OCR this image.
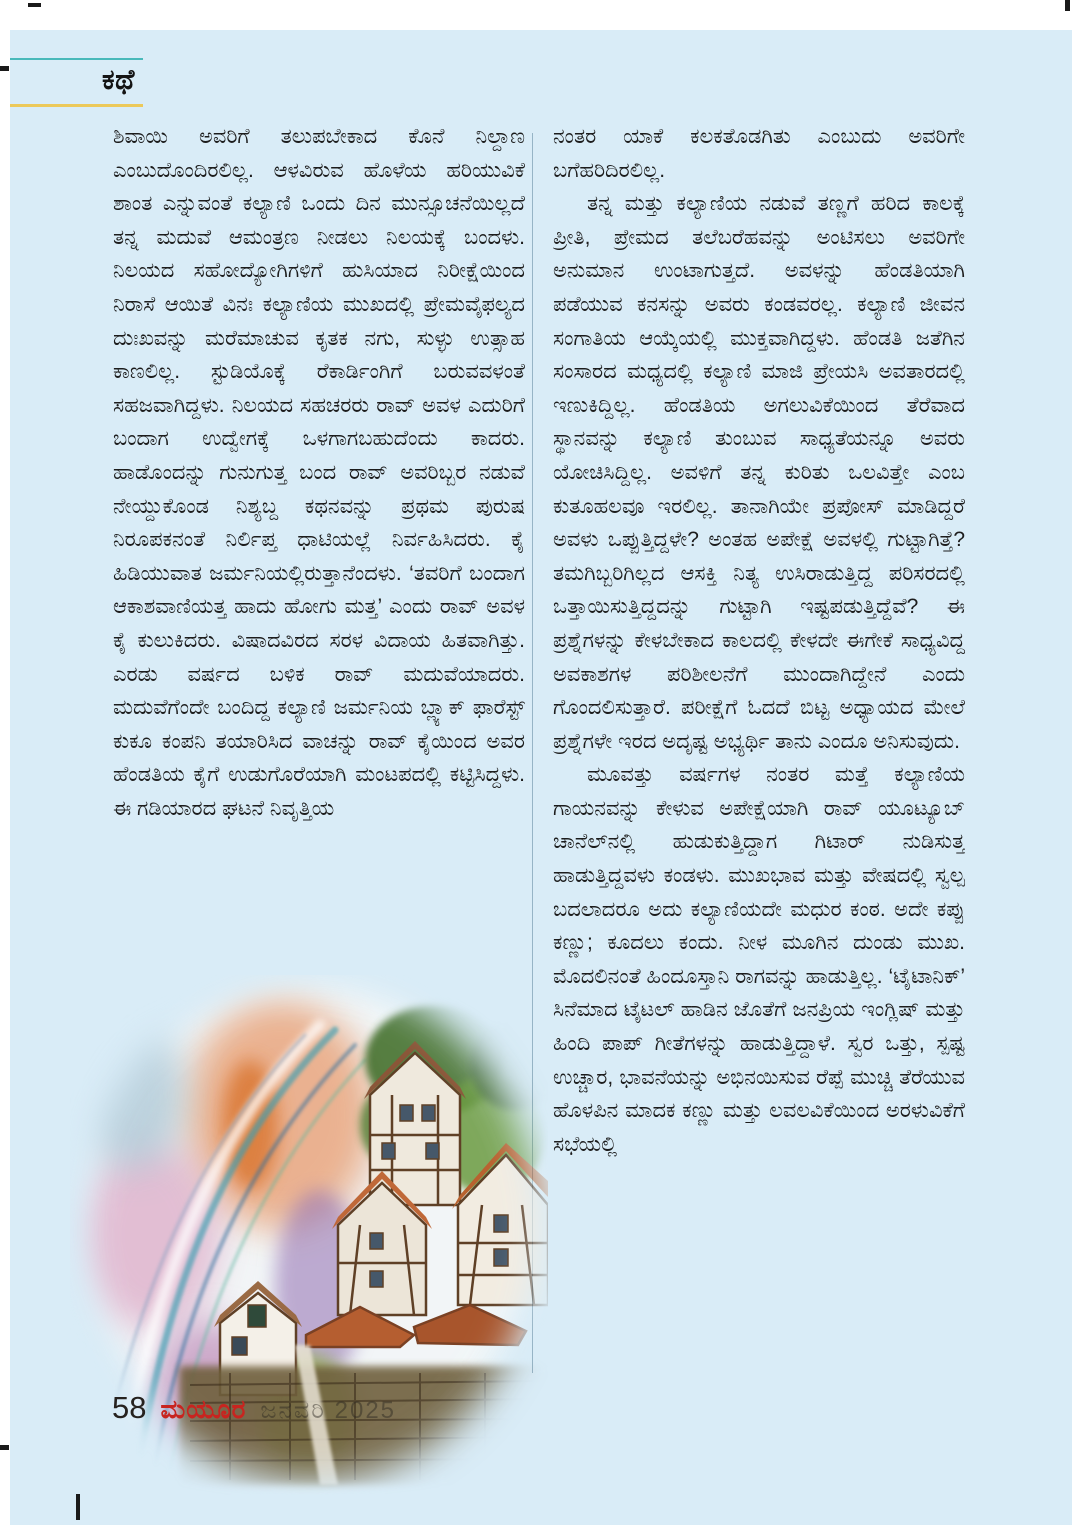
ಕಥೆ

ಶಿವಾಯಿ ಅವರಿಗೆ ತಲುಪಬೇಕಾದ ಕೊನೆ ನಿಲ್ದಾಣ ಎಂಬುದೊಂದಿರಲಿಲ್ಲ. ಆಳವಿರುವ ಹೊಳೆಯ ಹರಿಯುವಿಕೆ ಶಾಂತ ಎನ್ನುವಂತೆ ಕಲ್ಯಾಣಿ ಒಂದು ದಿನ ಮುನ್ಸೂಚನೆಯಿಲ್ಲದೆ ತನ್ನ ಮದುವೆ ಆಮಂತ್ರಣ ನೀಡಲು ನಿಲಯಕ್ಕೆ ಬಂದಳು. ನಿಲಯದ ಸಹೋದ್ಯೋಗಿಗಳಿಗೆ ಹುಸಿಯಾದ ನಿರೀಕ್ಷೆಯಿಂದ ನಿರಾಸೆ ಆಯಿತೆ ವಿನಃ ಕಲ್ಯಾಣಿಯ ಮುಖದಲ್ಲಿ ಪ್ರೇಮವೈಫಲ್ಯದ ದುಃಖವನ್ನು ಮರೆಮಾಚುವ ಕೃತಕ ನಗು, ಸುಳ್ಳು ಉತ್ಸಾಹ ಕಾಣಲಿಲ್ಲ. ಸ್ಟುಡಿಯೊಕ್ಕೆ ರೆಕಾರ್ಡಿಂಗಿಗೆ ಬರುವವಳಂತೆ ಸಹಜವಾಗಿದ್ದಳು. ನಿಲಯದ ಸಹಚರರು ರಾವ್ ಅವಳ ಎದುರಿಗೆ ಬಂದಾಗ ಉದ್ವೇಗಕ್ಕೆ ಒಳಗಾಗಬಹುದೆಂದು ಕಾದರು. ಹಾಡೊಂದನ್ನು ಗುನುಗುತ್ತ ಬಂದ ರಾವ್ ಅವರಿಬ್ಬರ ನಡುವೆ ನೇಯ್ದುಕೊಂಡ ನಿಶ್ಯಬ್ದ ಕಥನವನ್ನು ಪ್ರಥಮ ಪುರುಷ ನಿರೂಪಕನಂತೆ ನಿರ್ಲಿಪ್ತ ಧಾಟಿಯಲ್ಲೆ ನಿರ್ವಹಿಸಿದರು. ಕೈ ಹಿಡಿಯುವಾತ ಜರ್ಮನಿಯಲ್ಲಿರುತ್ತಾನೆಂದಳು. ‘ತವರಿಗೆ ಬಂದಾಗ ಆಕಾಶವಾಣಿಯತ್ತ ಹಾದು ಹೋಗು ಮತ್ತ’ ಎಂದು ರಾವ್ ಅವಳ ಕೈ ಕುಲುಕಿದರು. ವಿಷಾದವಿರದ ಸರಳ ವಿದಾಯ ಹಿತವಾಗಿತ್ತು. ಎರಡು ವರ್ಷದ ಬಳಿಕ ರಾವ್ ಮದುವೆಯಾದರು. ಮದುವೆಗೆಂದೇ ಬಂದಿದ್ದ ಕಲ್ಯಾಣಿ ಜರ್ಮನಿಯ ಬ್ಲ್ಯಾಕ್ ಫಾರೆಸ್ಟ್ ಕುಕೂ ಕಂಪನಿ ತಯಾರಿಸಿದ ವಾಚನ್ನು ರಾವ್ ಕೈಯಿಂದ ಅವರ ಹೆಂಡತಿಯ ಕೈಗೆ ಉಡುಗೊರೆಯಾಗಿ ಮಂಟಪದಲ್ಲಿ ಕಟ್ಟಿಸಿದ್ದಳು. ಈ ಗಡಿಯಾರದ ಘಟನೆ ನಿವೃತ್ತಿಯ

ನಂತರ ಯಾಕೆ ಕಲಕತೊಡಗಿತು ಎಂಬುದು ಅವರಿಗೇ ಬಗೆಹರಿದಿರಲಿಲ್ಲ.

ತನ್ನ ಮತ್ತು ಕಲ್ಯಾಣಿಯ ನಡುವೆ ತಣ್ಣಗೆ ಹರಿದ ಕಾಲಕ್ಕೆ ಪ್ರೀತಿ, ಪ್ರೇಮದ ತಲೆಬರೆಹವನ್ನು ಅಂಟಿಸಲು ಅವರಿಗೇ ಅನುಮಾನ ಉಂಟಾಗುತ್ತದೆ. ಅವಳನ್ನು ಹೆಂಡತಿಯಾಗಿ ಪಡೆಯುವ ಕನಸನ್ನು ಅವರು ಕಂಡವರಲ್ಲ. ಕಲ್ಯಾಣಿ ಜೀವನ ಸಂಗಾತಿಯ ಆಯ್ಕೆಯಲ್ಲಿ ಮುಕ್ತವಾಗಿದ್ದಳು. ಹೆಂಡತಿ ಜತೆಗಿನ ಸಂಸಾರದ ಮಧ್ಯದಲ್ಲಿ ಕಲ್ಯಾಣಿ ಮಾಜಿ ಪ್ರೇಯಸಿ ಅವತಾರದಲ್ಲಿ ಇಣುಕಿದ್ದಿಲ್ಲ. ಹೆಂಡತಿಯ ಅಗಲುವಿಕೆಯಿಂದ ತೆರೆವಾದ ಸ್ಥಾನವನ್ನು ಕಲ್ಯಾಣಿ ತುಂಬುವ ಸಾಧ್ಯತೆಯನ್ನೂ ಅವರು ಯೋಚಿಸಿದ್ದಿಲ್ಲ. ಅವಳಿಗೆ ತನ್ನ ಕುರಿತು ಒಲವಿತ್ತೇ ಎಂಬ ಕುತೂಹಲವೂ ಇರಲಿಲ್ಲ. ತಾನಾಗಿಯೇ ಪ್ರಪೋಸ್ ಮಾಡಿದ್ದರೆ ಅವಳು ಒಪ್ಪುತ್ತಿದ್ದಳೇ? ಅಂತಹ ಅಪೇಕ್ಷೆ ಅವಳಲ್ಲಿ ಗುಟ್ಟಾಗಿತ್ತೆ? ತಮಗಿಬ್ಬರಿಗಿಲ್ಲದ ಆಸಕ್ತಿ ನಿತ್ಯ ಉಸಿರಾಡುತ್ತಿದ್ದ ಪರಿಸರದಲ್ಲಿ ಒತ್ತಾಯಿಸುತ್ತಿದ್ದದನ್ನು ಗುಟ್ಟಾಗಿ ಇಷ್ಟಪಡುತ್ತಿದ್ದೆವೆ? ಈ ಪ್ರಶ್ನೆಗಳನ್ನು ಕೇಳಬೇಕಾದ ಕಾಲದಲ್ಲಿ ಕೇಳದೇ ಈಗೇಕೆ ಸಾಧ್ಯವಿದ್ದ ಅವಕಾಶಗಳ ಪರಿಶೀಲನೆಗೆ ಮುಂದಾಗಿದ್ದೇನೆ ಎಂದು ಗೊಂದಲಿಸುತ್ತಾರೆ. ಪರೀಕ್ಷೆಗೆ ಓದದೆ ಬಿಟ್ಟ ಅಧ್ಯಾಯದ ಮೇಲೆ ಪ್ರಶ್ನೆಗಳೇ ಇರದ ಅದೃಷ್ಟ ಅಭ್ಯರ್ಥಿ ತಾನು ಎಂದೂ ಅನಿಸುವುದು.

ಮೂವತ್ತು ವರ್ಷಗಳ ನಂತರ ಮತ್ತೆ ಕಲ್ಯಾಣಿಯ ಗಾಯನವನ್ನು ಕೇಳುವ ಅಪೇಕ್ಷೆಯಾಗಿ ರಾವ್ ಯೂಟ್ಯೂಬ್ ಚಾನೆಲ್‌ನಲ್ಲಿ ಹುಡುಕುತ್ತಿದ್ದಾಗ ಗಿಟಾರ್ ನುಡಿಸುತ್ತ ಹಾಡುತ್ತಿದ್ದವಳು ಕಂಡಳು. ಮುಖಭಾವ ಮತ್ತು ವೇಷದಲ್ಲಿ ಸ್ವಲ್ಪ ಬದಲಾದರೂ ಅದು ಕಲ್ಯಾಣಿಯದೇ ಮಧುರ ಕಂಠ. ಅದೇ ಕಪ್ಪು ಕಣ್ಣು; ಕೂದಲು ಕಂದು. ನೀಳ ಮೂಗಿನ ದುಂಡು ಮುಖ. ಮೊದಲಿನಂತೆ ಹಿಂದೂಸ್ತಾನಿ ರಾಗವನ್ನು ಹಾಡುತ್ತಿಲ್ಲ. ‘ಟೈಟಾನಿಕ್’ ಸಿನೆಮಾದ ಟೈಟಲ್ ಹಾಡಿನ ಜೊತೆಗೆ ಜನಪ್ರಿಯ ಇಂಗ್ಲಿಷ್ ಮತ್ತು ಹಿಂದಿ ಪಾಪ್ ಗೀತೆಗಳನ್ನು ಹಾಡುತ್ತಿದ್ದಾಳೆ. ಸ್ವರ ಒತ್ತು, ಸ್ಪಷ್ಟ ಉಚ್ಚಾರ, ಭಾವನೆಯನ್ನು ಅಭಿನಯಿಸುವ ರೆಪ್ಪೆ ಮುಚ್ಚಿ ತೆರೆಯುವ ಹೊಳಪಿನ ಮಾದಕ ಕಣ್ಣು ಮತ್ತು ಲವಲವಿಕೆಯಿಂದ ಅರಳುವಿಕೆಗೆ ಸಭೆಯಲ್ಲಿ

58 ಮಯೂರ ಜನವರಿ 2025
